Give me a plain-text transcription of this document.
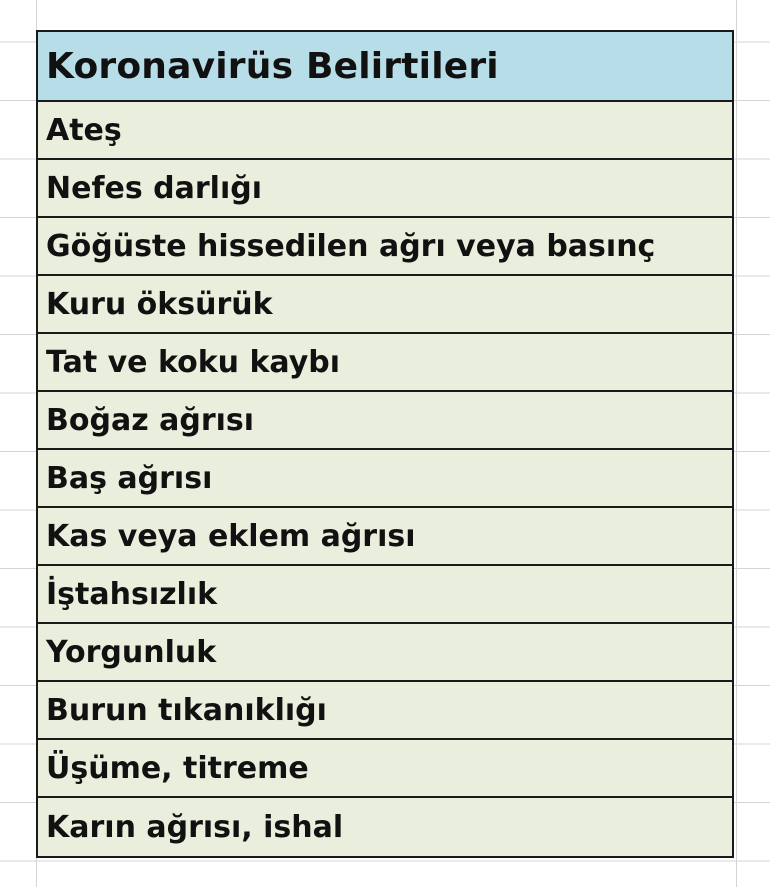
Koronavirüs Belirtileri
Ateş
Nefes darlığı
Göğüste hissedilen ağrı veya basınç
Kuru öksürük
Tat ve koku kaybı
Boğaz ağrısı
Baş ağrısı
Kas veya eklem ağrısı
İştahsızlık
Yorgunluk
Burun tıkanıklığı
Üşüme, titreme
Karın ağrısı, ishal
